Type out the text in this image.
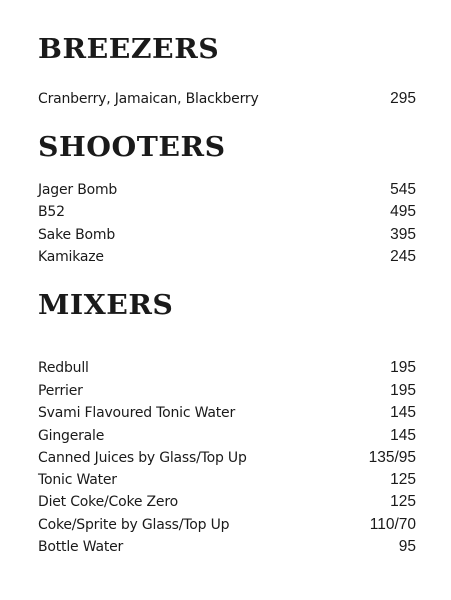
BREEZERS
Cranberry, Jamaican, Blackberry	295
SHOOTERS
Jager Bomb	545
B52	495
Sake Bomb	395
Kamikaze	245
MIXERS
Redbull	195
Perrier	195
Svami Flavoured Tonic Water	145
Gingerale	145
Canned Juices by Glass/Top Up	135/95
Tonic Water	125
Diet Coke/Coke Zero	125
Coke/Sprite by Glass/Top Up	110/70
Bottle Water	95
